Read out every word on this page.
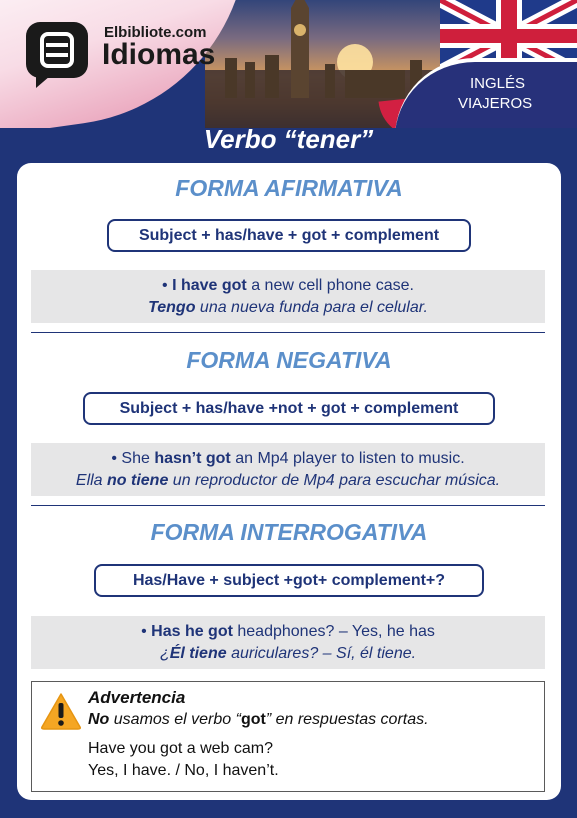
Elbibliote.com
Idiomas
INGLÉS
VIAJEROS
Verbo “tener”
FORMA AFIRMATIVA
Subject + has/have + got + complement
• I have got a new cell phone case.
Tengo una nueva funda para el celular.
FORMA NEGATIVA
Subject + has/have +not + got + complement
• She hasn’t got an Mp4 player to listen to music.
Ella no tiene un reproductor de Mp4 para escuchar música.
FORMA INTERROGATIVA
Has/Have + subject +got+ complement+?
• Has he got headphones? – Yes, he has
¿Él tiene auriculares? – Sí, él tiene.
Advertencia
No usamos el verbo “got” en respuestas cortas.
Have you got a web cam?
Yes, I have. / No, I haven’t.
